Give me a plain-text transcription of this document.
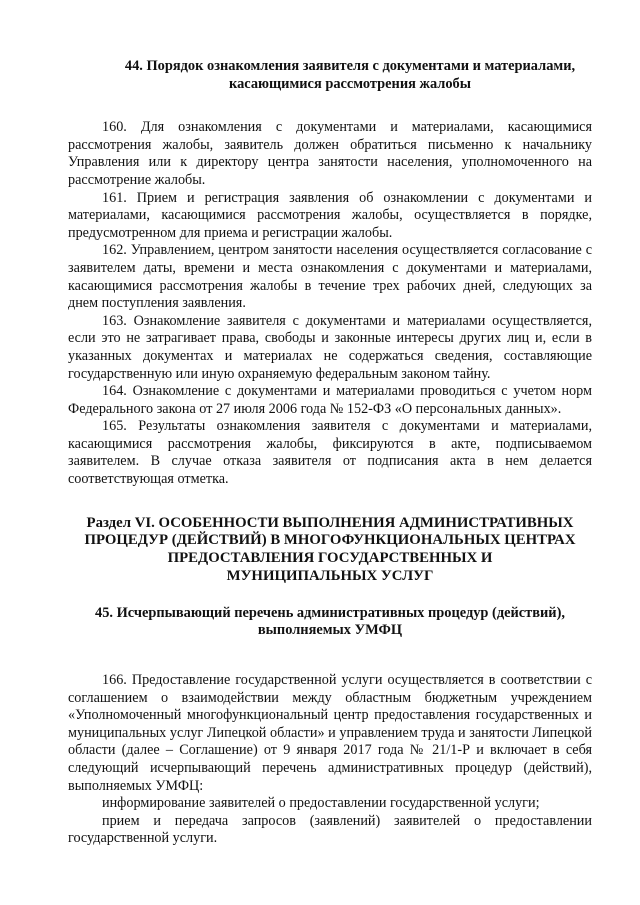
44. Порядок ознакомления заявителя с документами и материалами,
касающимися рассмотрения жалобы

160. Для ознакомления с документами и материалами, касающимися рассмотрения жалобы, заявитель должен обратиться письменно к начальнику Управления или к директору центра занятости населения, уполномоченного на рассмотрение жалобы.

161. Прием и регистрация заявления об ознакомлении с документами и материалами, касающимися рассмотрения жалобы, осуществляется в порядке, предусмотренном для приема и регистрации жалобы.

162. Управлением, центром занятости населения осуществляется согласование с заявителем даты, времени и места ознакомления с документами и материалами, касающимися рассмотрения жалобы в течение трех рабочих дней, следующих за днем поступления заявления.

163. Ознакомление заявителя с документами и материалами осуществляется, если это не затрагивает права, свободы и законные интересы других лиц и, если в указанных документах и материалах не содержаться сведения, составляющие государственную или иную охраняемую федеральным законом тайну.

164. Ознакомление с документами и материалами проводиться с учетом норм Федерального закона от 27 июля 2006 года № 152-ФЗ «О персональных данных».

165. Результаты ознакомления заявителя с документами и материалами, касающимися рассмотрения жалобы, фиксируются в акте, подписываемом заявителем. В случае отказа заявителя от подписания акта в нем делается соответствующая отметка.

Раздел VI. ОСОБЕННОСТИ ВЫПОЛНЕНИЯ АДМИНИСТРАТИВНЫХ
ПРОЦЕДУР (ДЕЙСТВИЙ) В МНОГОФУНКЦИОНАЛЬНЫХ ЦЕНТРАХ
ПРЕДОСТАВЛЕНИЯ ГОСУДАРСТВЕННЫХ И
МУНИЦИПАЛЬНЫХ УСЛУГ
45. Исчерпывающий перечень административных процедур (действий),
выполняемых УМФЦ

166. Предоставление государственной услуги осуществляется в соответствии с соглашением о взаимодействии между областным бюджетным учреждением «Уполномоченный многофункциональный центр предоставления государственных и муниципальных услуг Липецкой области» и управлением труда и занятости Липецкой области (далее – Соглашение) от 9 января 2017 года № 21/1-Р и включает в себя следующий исчерпывающий перечень административных процедур (действий), выполняемых УМФЦ:

информирование заявителей о предоставлении государственной услуги;

прием и передача запросов (заявлений) заявителей о предоставлении государственной услуги.
